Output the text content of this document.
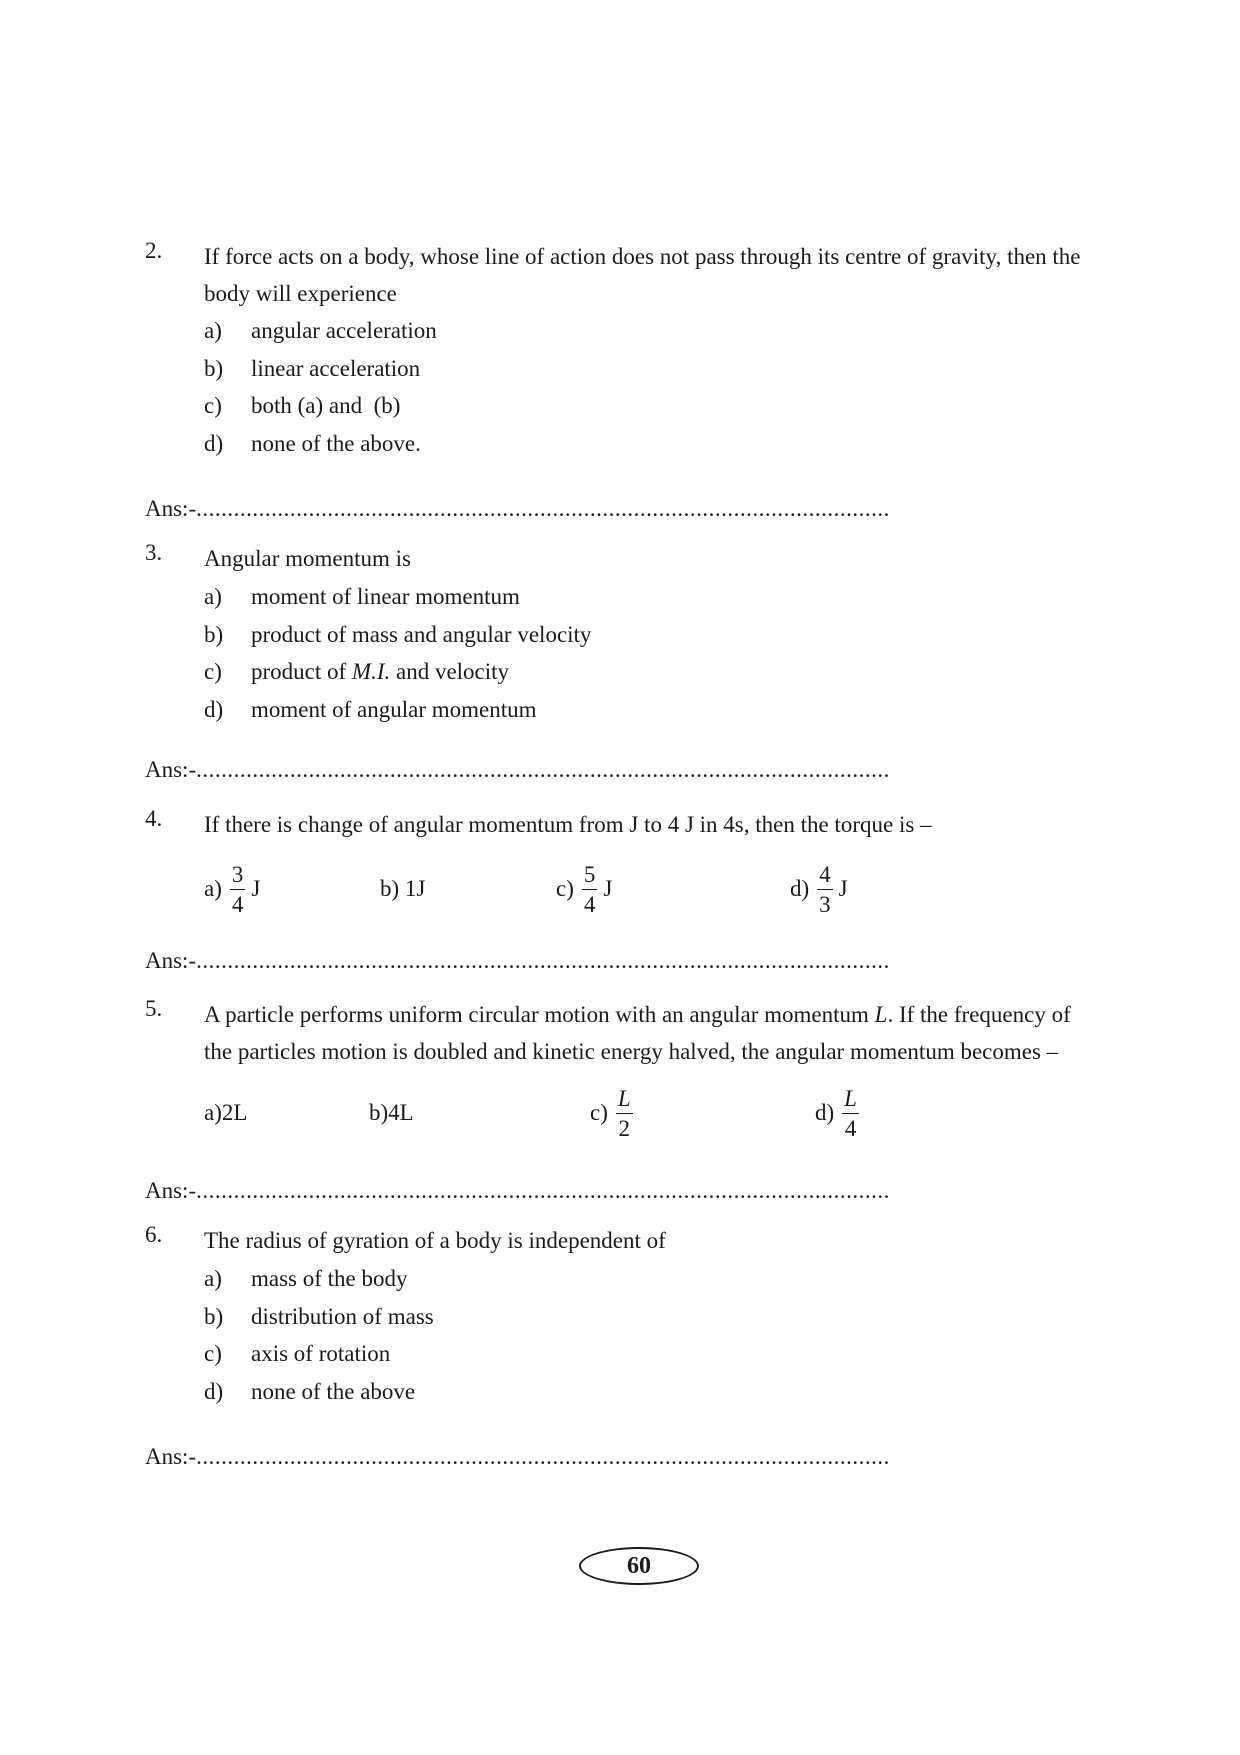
2. If force acts on a body, whose line of action does not pass through its centre of gravity, then the
body will experience
a) angular acceleration
b) linear acceleration
c) both (a) and  (b)
d) none of the above.
Ans:-...............................................................................................................
3. Angular momentum is
a) moment of linear momentum
b) product of mass and angular velocity
c) product of M.I. and velocity
d) moment of angular momentum
Ans:-...............................................................................................................
4. If there is change of angular momentum from J to 4 J in 4s, then the torque is –
$a) \frac{3}{4}$ J	b)
1J	$c) \frac{5}{4}$ J	$d) \frac{4}{3}$ J
Ans:-...............................................................................................................
5. A particle performs uniform circular motion with an angular momentum L. If the frequency of
the particles motion is doubled and kinetic energy halved, the angular momentum becomes –
a) 2L	b) 4L	$c) \frac{L}{2}$	$d) \frac{L}{4}$
Ans:-...............................................................................................................
6. The radius of gyration of a body is independent of
a) mass of the body
b) distribution of mass
c) axis of rotation
d) none of the above
Ans:-...............................................................................................................
60
